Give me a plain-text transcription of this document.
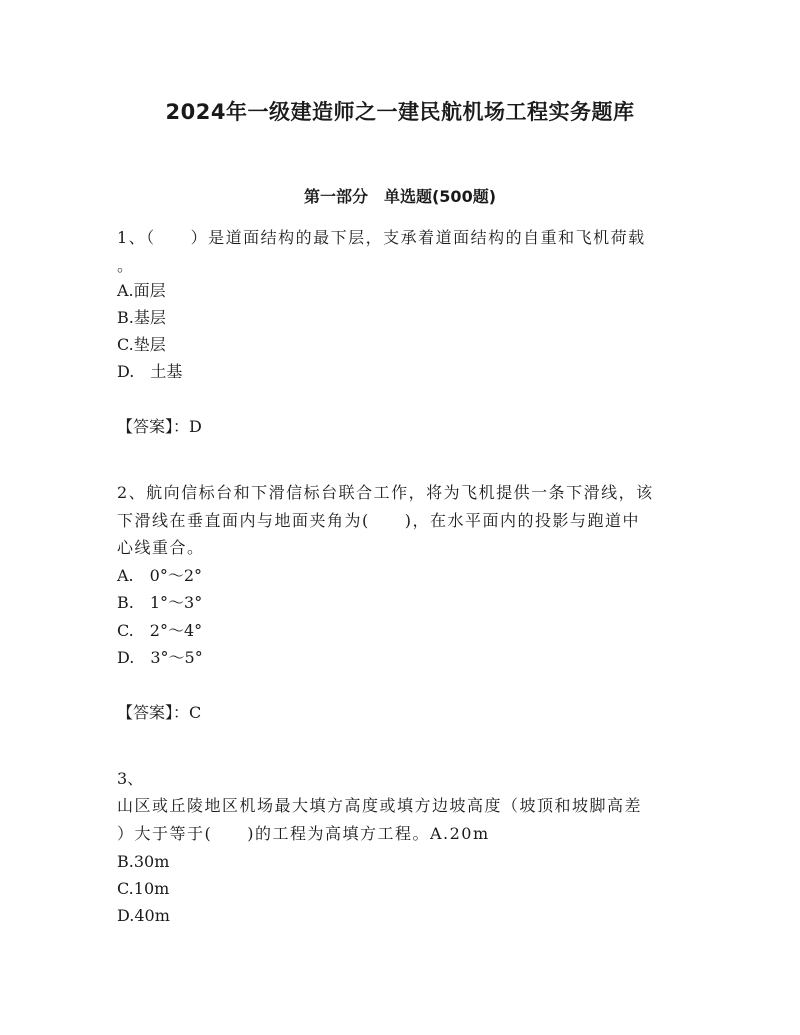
2024年一级建造师之一建民航机场工程实务题库
第一部分　单选题(500题)
1、（　　）是道面结构的最下层，支承着道面结构的自重和飞机荷载
。
A.面层
B.基层
C.垫层
D.　土基
【答案】：D
2、航向信标台和下滑信标台联合工作，将为飞机提供一条下滑线，该
下滑线在垂直面内与地面夹角为(　　)，在水平面内的投影与跑道中
心线重合。
A.　0°～2°
B.　1°～3°
C.　2°～4°
D.　3°～5°
【答案】：C
3、
山区或丘陵地区机场最大填方高度或填方边坡高度（坡顶和坡脚高差
）大于等于(　　)的工程为高填方工程。A.20m
B.30m
C.10m
D.40m
